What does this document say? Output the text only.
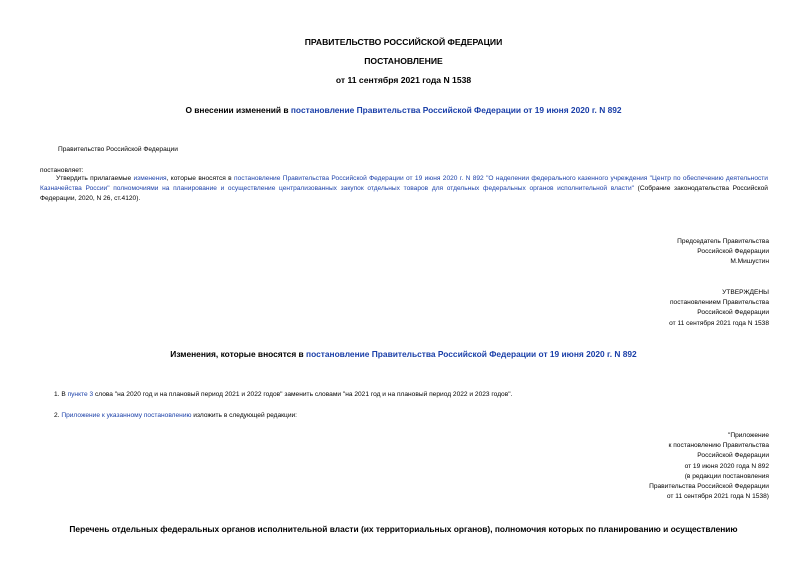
ПРАВИТЕЛЬСТВО РОССИЙСКОЙ ФЕДЕРАЦИИ
ПОСТАНОВЛЕНИЕ
от 11 сентября 2021 года N 1538
О внесении изменений в постановление Правительства Российской Федерации от 19 июня 2020 г. N 892
Правительство Российской Федерации
постановляет:
Утвердить прилагаемые изменения, которые вносятся в постановление Правительства Российской Федерации от 19 июня 2020 г. N 892 "О наделении федерального казенного учреждения "Центр по обеспечению деятельности Казначейства России" полномочиями на планирование и осуществление централизованных закупок отдельных товаров для отдельных федеральных органов исполнительной власти" (Собрание законодательства Российской Федерации, 2020, N 26, ст.4120).
Председатель Правительства
Российской Федерации
М.Мишустин
УТВЕРЖДЕНЫ
постановлением Правительства
Российской Федерации
от 11 сентября 2021 года N 1538
Изменения, которые вносятся в постановление Правительства Российской Федерации от 19 июня 2020 г. N 892
1. В пункте 3 слова "на 2020 год и на плановый период 2021 и 2022 годов" заменить словами "на 2021 год и на плановый период 2022 и 2023 годов".
2. Приложение к указанному постановлению изложить в следующей редакции:
"Приложение
к постановлению Правительства
Российской Федерации
от 19 июня 2020 года N 892
(в редакции постановления
Правительства Российской Федерации
от 11 сентября 2021 года N 1538)
Перечень отдельных федеральных органов исполнительной власти (их территориальных органов), полномочия которых по планированию и осуществлению
